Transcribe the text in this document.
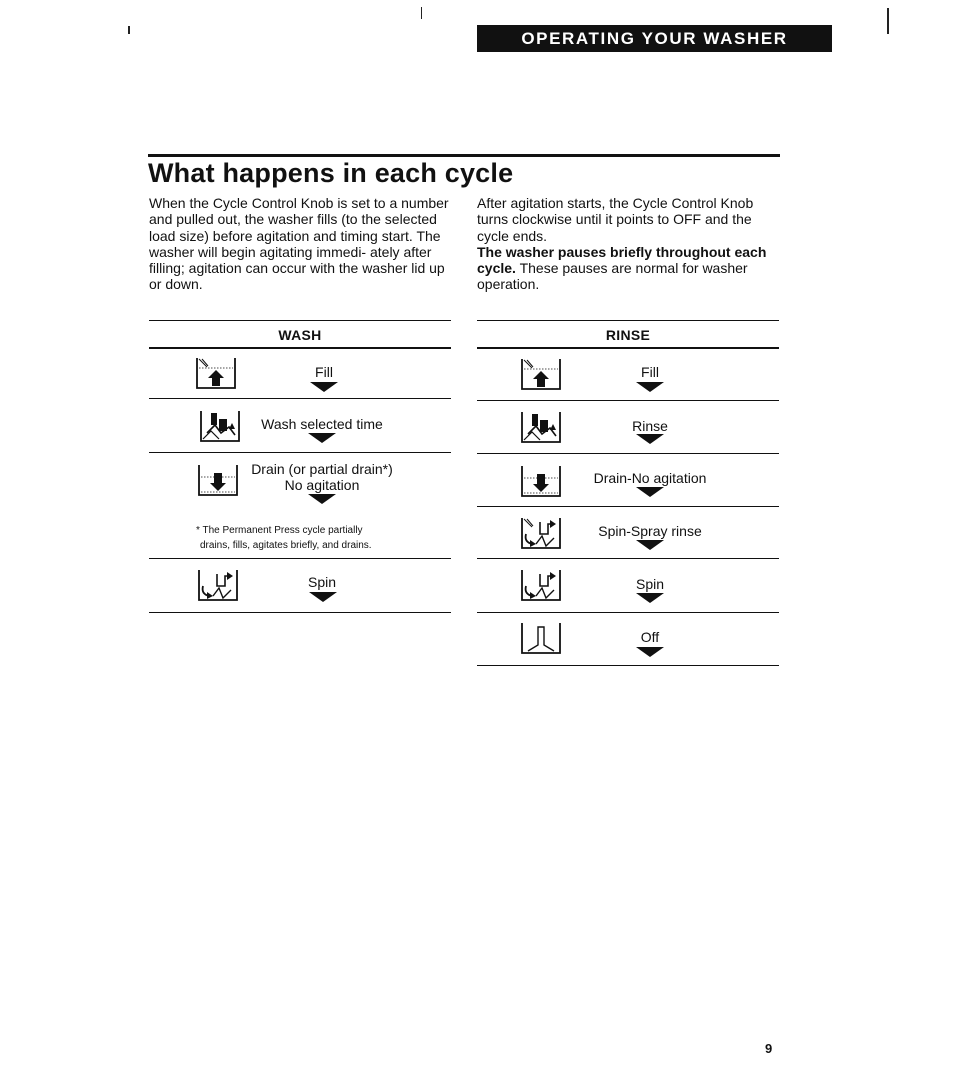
OPERATING YOUR WASHER
What happens in each cycle

When the Cycle Control Knob is set to a number and pulled out, the washer fills (to the selected load size) before agitation and timing start. The washer will begin agitating immedi- ately after filling; agitation can occur with the washer lid up or down.

After agitation starts, the Cycle Control Knob turns clockwise until it points to OFF and the cycle ends.

The washer pauses briefly throughout each cycle. These pauses are normal for washer operation.

WASH
Fill
Wash selected time
Drain (or partial drain*)
No agitation
* The Permanent Press cycle partially
drains, fills, agitates briefly, and drains.
Spin
RINSE
Fill
Rinse
Drain-No agitation
Spin-Spray rinse
Spin
Off
9
